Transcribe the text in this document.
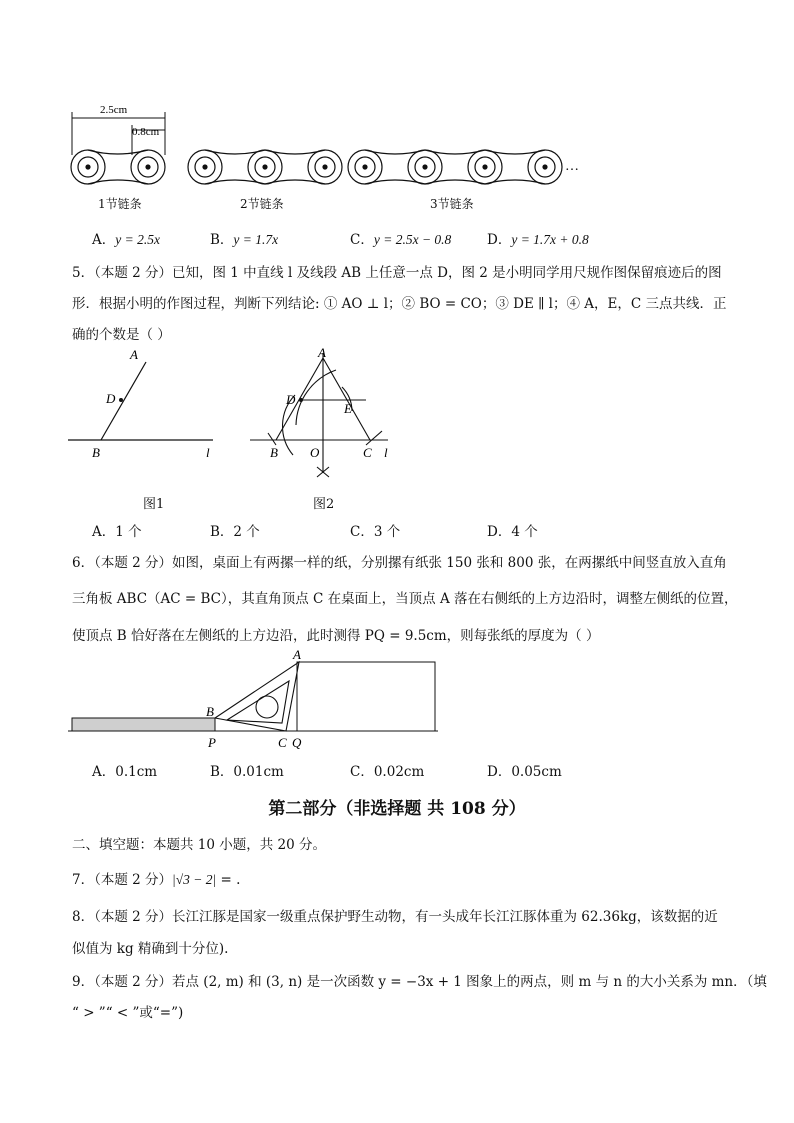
2.5cm
0.8cm
…
1节链条	2节链条	3节链条
A．y = 2.5x	B．y = 1.7x	C．y = 2.5x − 0.8	D．y = 1.7x + 0.8
5．（本题 2 分）已知，图 1 中直线 l 及线段 AB 上任意一点 D，图 2 是小明同学用尺规作图保留痕迹后的图
形．根据小明的作图过程，判断下列结论: ① AO ⊥ l；② BO = CO；③ DE ∥ l；④ A，E，C 三点共线．正
确的个数是（ ）
A
D
B	l
图1
A
D
E
B O	C l
图2
A．1 个	B．2 个	C．3 个	D．4 个
6．（本题 2 分）如图，桌面上有两摞一样的纸，分别摞有纸张 150 张和 800 张，在两摞纸中间竖直放入直角
三角板 ABC（AC = BC），其直角顶点 C 在桌面上，当顶点 A 落在右侧纸的上方边沿时，调整左侧纸的位置，
使顶点 B 恰好落在左侧纸的上方边沿，此时测得 PQ = 9.5cm，则每张纸的厚度为（ ）
A
B
P	C Q
A．0.1cm	B．0.01cm	C．0.02cm	D．0.05cm
第二部分（非选择题 共 108 分）
二、填空题：本题共 10 小题，共 20 分。
7．（本题 2 分）|√3 − 2| = .
8．（本题 2 分）长江江豚是国家一级重点保护野生动物，有一头成年长江江豚体重为 62.36kg，该数据的近
似值为 kg 精确到十分位).
9．（本题 2 分）若点 (2, m) 和 (3, n) 是一次函数 y = −3x + 1 图象上的两点，则 m 与 n 的大小关系为 mn．（填
“ > ”“ < ”或“=”)
